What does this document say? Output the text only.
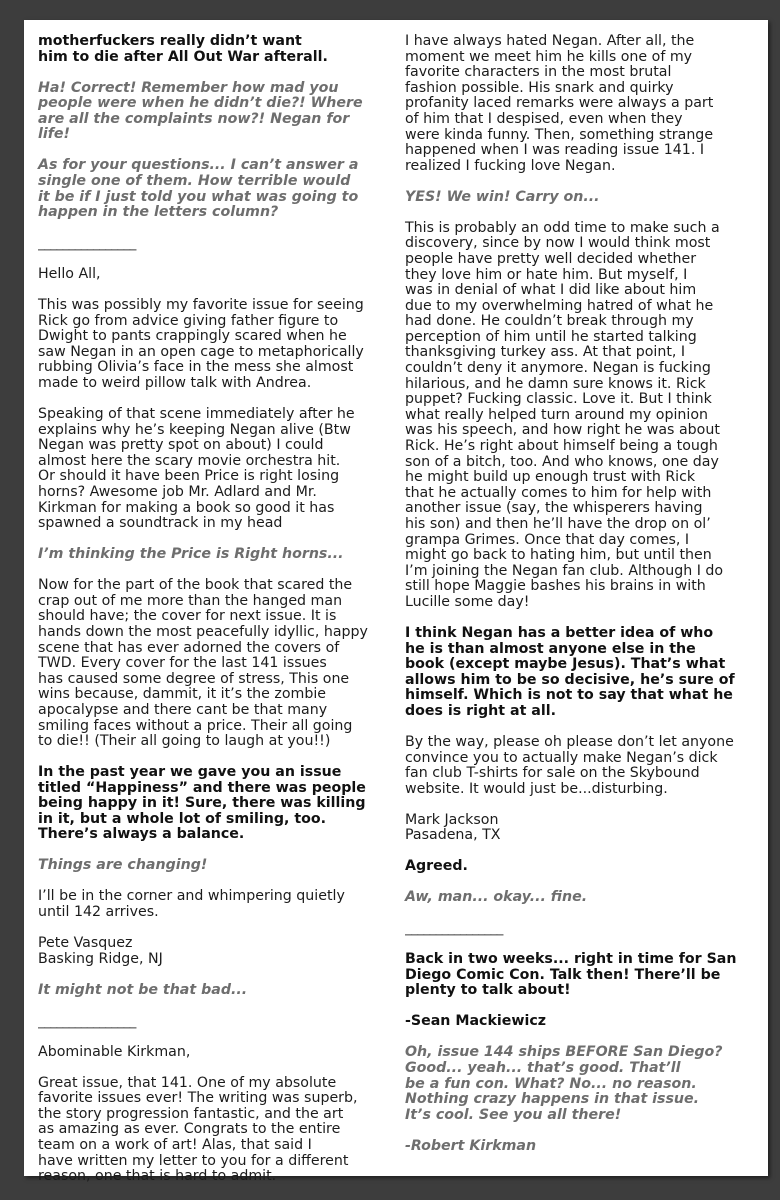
motherfuckers really didn’t want
him to die after All Out War afterall.

Ha! Correct! Remember how mad you
people were when he didn’t die?! Where
are all the complaints now?! Negan for
life!

As for your questions... I can’t answer a
single one of them. How terrible would
it be if I just told you what was going to
happen in the letters column?

________________

Hello All,

This was possibly my favorite issue for seeing
Rick go from advice giving father figure to
Dwight to pants crappingly scared when he
saw Negan in an open cage to metaphorically
rubbing Olivia’s face in the mess she almost
made to weird pillow talk with Andrea.

Speaking of that scene immediately after he
explains why he’s keeping Negan alive (Btw
Negan was pretty spot on about) I could
almost here the scary movie orchestra hit.
Or should it have been Price is right losing
horns? Awesome job Mr. Adlard and Mr.
Kirkman for making a book so good it has
spawned a soundtrack in my head

I’m thinking the Price is Right horns...

Now for the part of the book that scared the
crap out of me more than the hanged man
should have; the cover for next issue. It is
hands down the most peacefully idyllic, happy
scene that has ever adorned the covers of
TWD. Every cover for the last 141 issues
has caused some degree of stress, This one
wins because, dammit, it it’s the zombie
apocalypse and there cant be that many
smiling faces without a price. Their all going
to die!! (Their all going to laugh at you!!)

In the past year we gave you an issue
titled “Happiness” and there was people
being happy in it! Sure, there was killing
in it, but a whole lot of smiling, too.
There’s always a balance.

Things are changing!

I’ll be in the corner and whimpering quietly
until 142 arrives.

Pete Vasquez
Basking Ridge, NJ

It might not be that bad...

________________

Abominable Kirkman,

Great issue, that 141. One of my absolute
favorite issues ever! The writing was superb,
the story progression fantastic, and the art
as amazing as ever. Congrats to the entire
team on a work of art! Alas, that said I
have written my letter to you for a different
reason, one that is hard to admit.

I have always hated Negan. After all, the
moment we meet him he kills one of my
favorite characters in the most brutal
fashion possible. His snark and quirky
profanity laced remarks were always a part
of him that I despised, even when they
were kinda funny. Then, something strange
happened when I was reading issue 141. I
realized I fucking love Negan.

YES! We win! Carry on...

This is probably an odd time to make such a
discovery, since by now I would think most
people have pretty well decided whether
they love him or hate him. But myself, I
was in denial of what I did like about him
due to my overwhelming hatred of what he
had done. He couldn’t break through my
perception of him until he started talking
thanksgiving turkey ass. At that point, I
couldn’t deny it anymore. Negan is fucking
hilarious, and he damn sure knows it. Rick
puppet? Fucking classic. Love it. But I think
what really helped turn around my opinion
was his speech, and how right he was about
Rick. He’s right about himself being a tough
son of a bitch, too. And who knows, one day
he might build up enough trust with Rick
that he actually comes to him for help with
another issue (say, the whisperers having
his son) and then he’ll have the drop on ol’
grampa Grimes. Once that day comes, I
might go back to hating him, but until then
I’m joining the Negan fan club. Although I do
still hope Maggie bashes his brains in with
Lucille some day!

I think Negan has a better idea of who
he is than almost anyone else in the
book (except maybe Jesus). That’s what
allows him to be so decisive, he’s sure of
himself. Which is not to say that what he
does is right at all.

By the way, please oh please don’t let anyone
convince you to actually make Negan’s dick
fan club T-shirts for sale on the Skybound
website. It would just be...disturbing.

Mark Jackson
Pasadena, TX

Agreed.

Aw, man... okay... fine.

________________

Back in two weeks... right in time for San
Diego Comic Con. Talk then! There’ll be
plenty to talk about!

-Sean Mackiewicz

Oh, issue 144 ships BEFORE San Diego?
Good... yeah... that’s good. That’ll
be a fun con. What? No... no reason.
Nothing crazy happens in that issue.
It’s cool. See you all there!

-Robert Kirkman
